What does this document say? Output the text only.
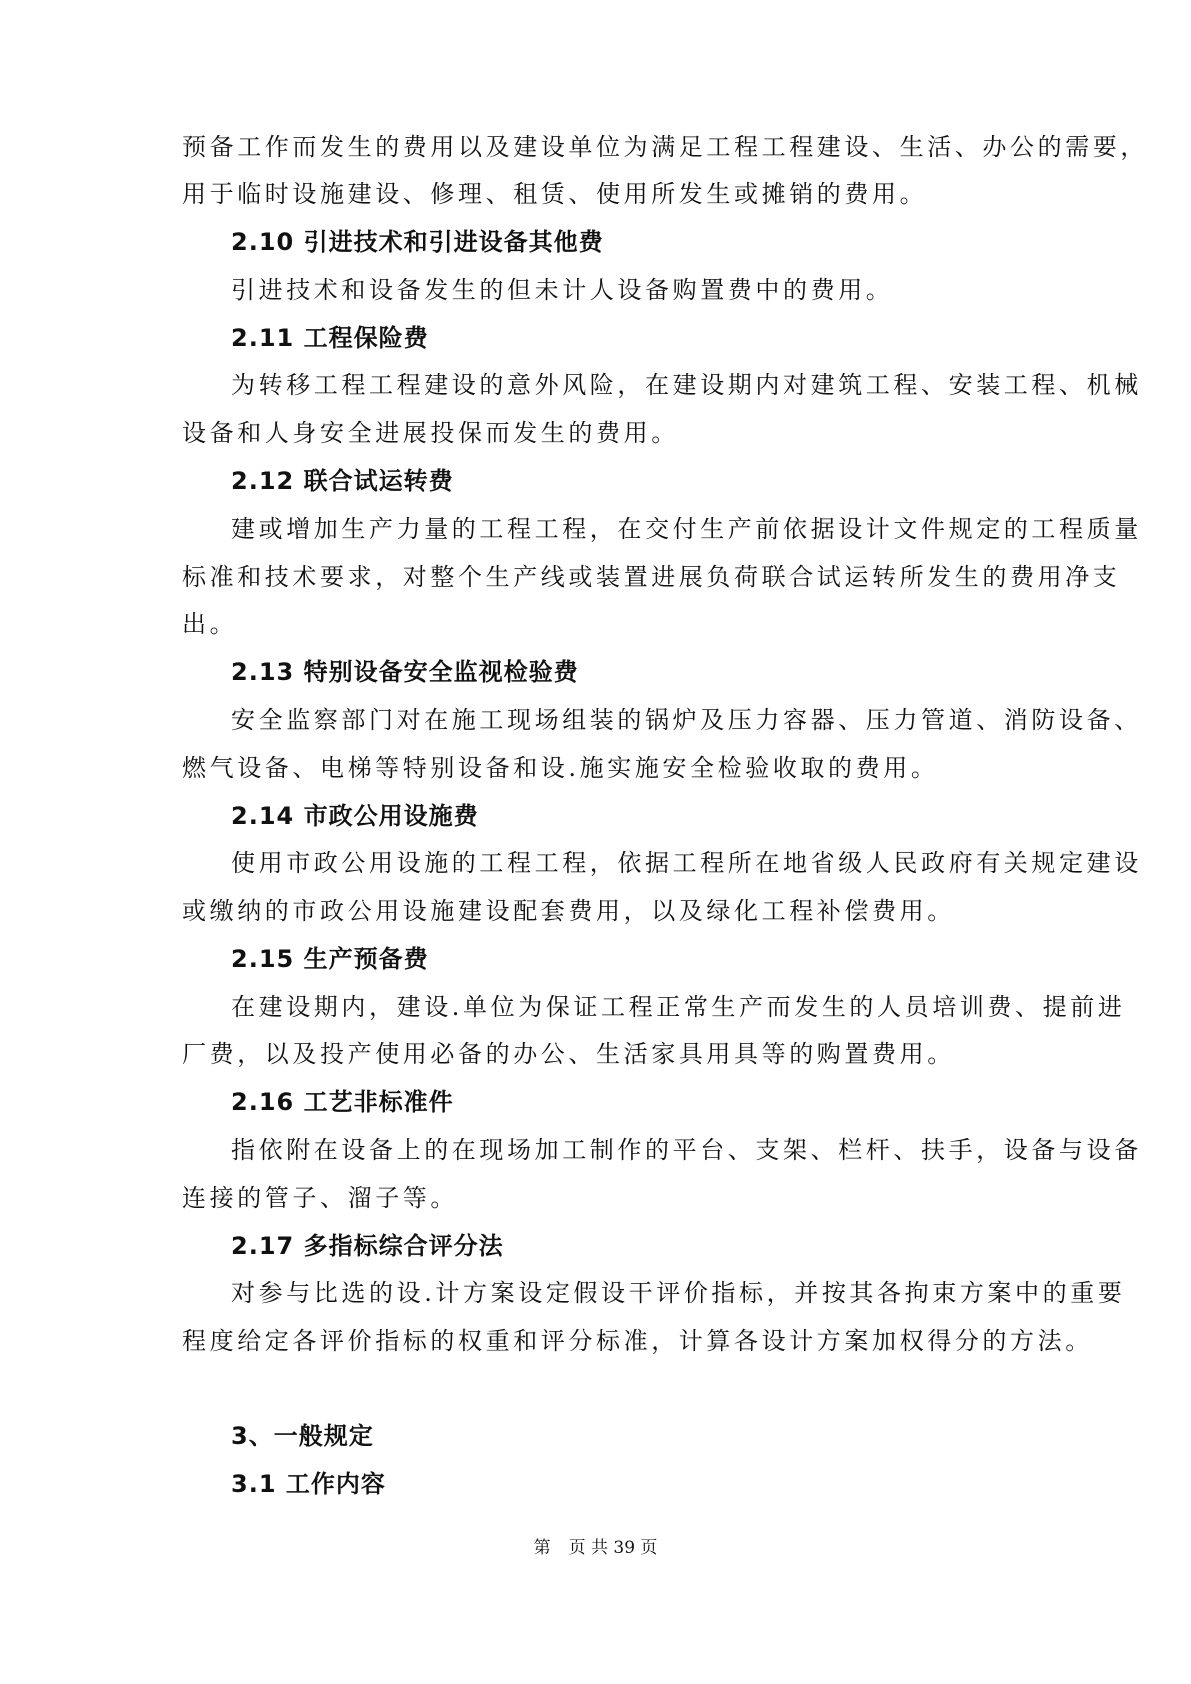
预备工作而发生的费用以及建设单位为满足工程工程建设、生活、办公的需要，

用于临时设施建设、修理、租赁、使用所发生或摊销的费用。

2.10 引进技术和引进设备其他费

引进技术和设备发生的但未计人设备购置费中的费用。

2.11 工程保险费

为转移工程工程建设的意外风险，在建设期内对建筑工程、安装工程、机械

设备和人身安全进展投保而发生的费用。

2.12 联合试运转费

建或增加生产力量的工程工程，在交付生产前依据设计文件规定的工程质量

标准和技术要求，对整个生产线或装置进展负荷联合试运转所发生的费用净支

出。

2.13 特别设备安全监视检验费

安全监察部门对在施工现场组装的锅炉及压力容器、压力管道、消防设备、

燃气设备、电梯等特别设备和设.施实施安全检验收取的费用。

2.14 市政公用设施费

使用市政公用设施的工程工程，依据工程所在地省级人民政府有关规定建设

或缴纳的市政公用设施建设配套费用，以及绿化工程补偿费用。

2.15 生产预备费

在建设期内，建设.单位为保证工程正常生产而发生的人员培训费、提前进

厂费，以及投产使用必备的办公、生活家具用具等的购置费用。

2.16 工艺非标准件

指依附在设备上的在现场加工制作的平台、支架、栏杆、扶手，设备与设备

连接的管子、溜子等。

2.17 多指标综合评分法

对参与比选的设.计方案设定假设干评价指标，并按其各拘束方案中的重要

程度给定各评价指标的权重和评分标准，计算各设计方案加权得分的方法。

3、一般规定

3.1 工作内容

第 页 共 39 页
